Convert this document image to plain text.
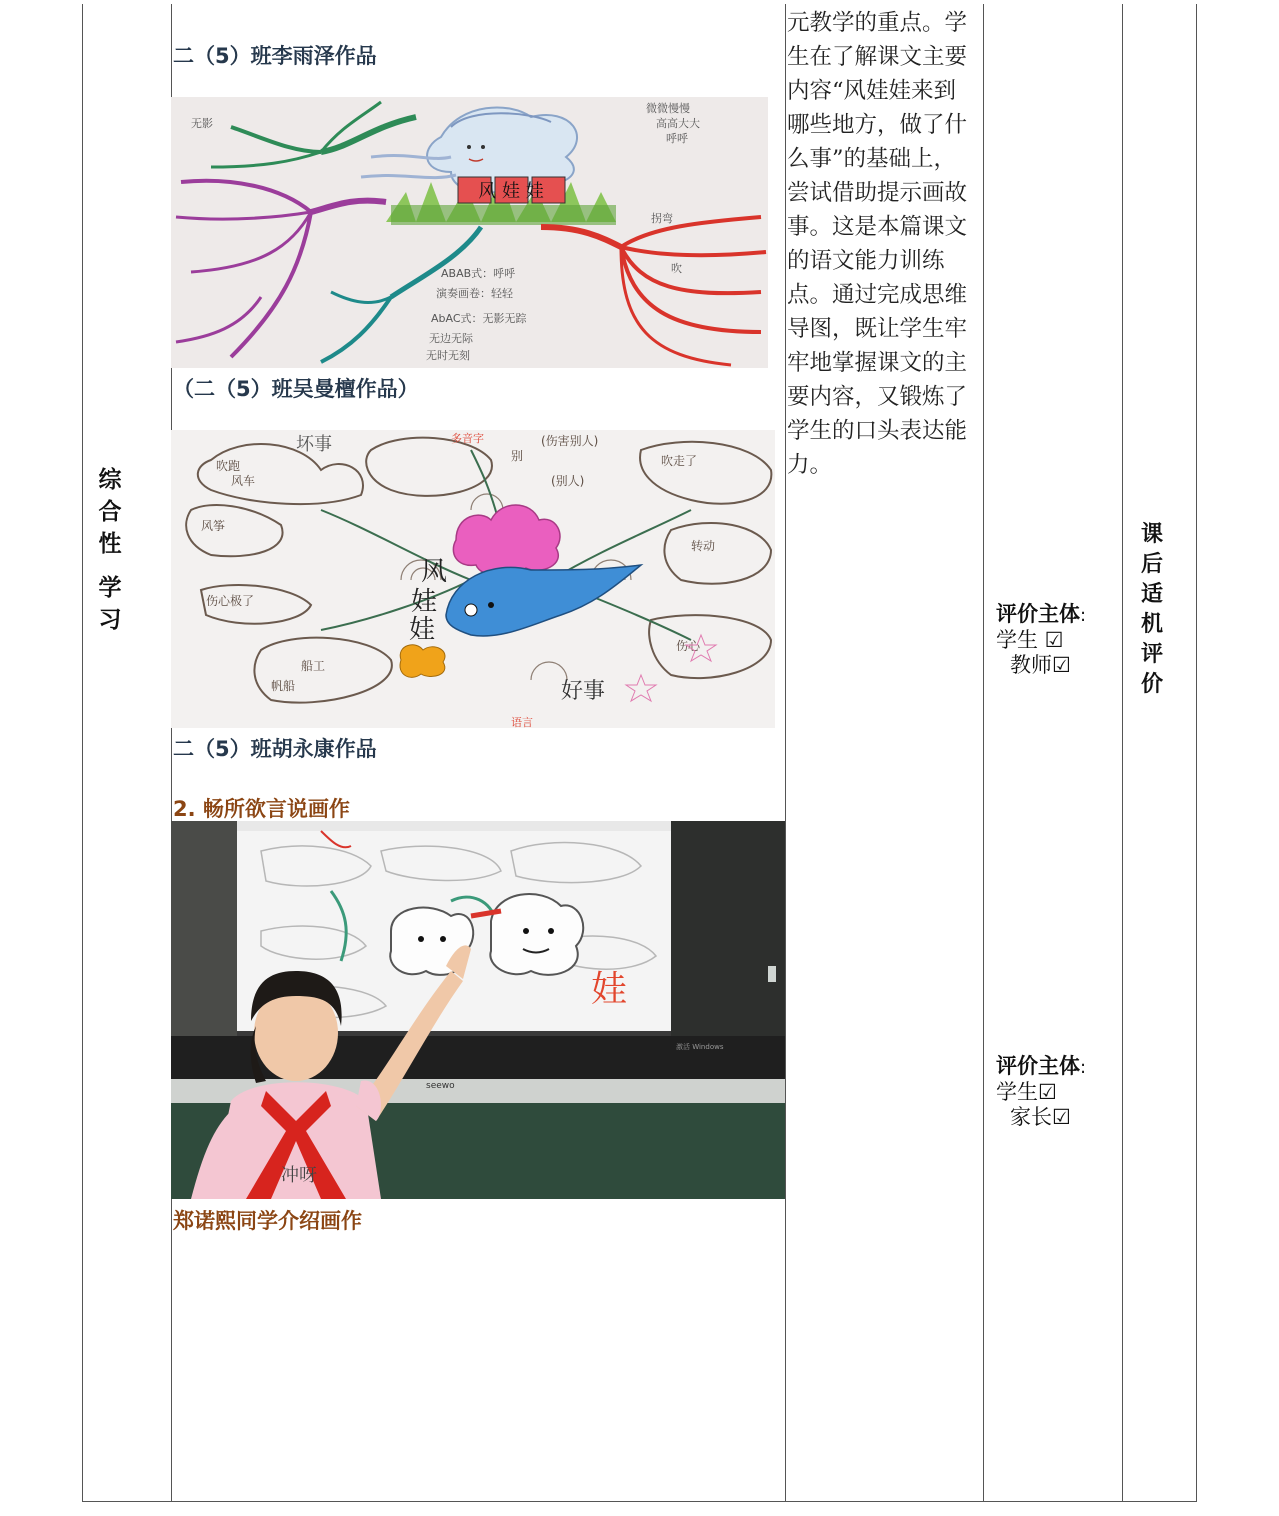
综
合
性
学
习
二（5）班李雨泽作品
风 娃 娃
微微慢慢
高高大大
呼呼
ABAB式：呼呼
演奏画卷：轻轻
AbAC式：无影无踪
无边无际
无时无刻
无影
拐弯
吹
（二（5）班吴曼檀作品）
风
娃
娃
坏事
好事
吹跑
风车
风筝
伤心极了
船工
帆船
吹走了
转动
伤心
(伤害别人)
(别人)
别
多音字
语言
二（5）班胡永康作品
2. 畅所欲言说画作
娃
seewo
冲呀
激活 Windows
郑诺熙同学介绍画作
元教学的重点。学生在了解课文主要内容“风娃娃来到哪些地方，做了什么事”的基础上，尝试借助提示画故事。这是本篇课文的语文能力训练点。通过完成思维导图，既让学生牢牢地掌握课文的主要内容，又锻炼了学生的口头表达能力。
评价主体:
学生 ☑
教师☑
评价主体:
学生☑
家长☑
课
后
适
机
评
价
